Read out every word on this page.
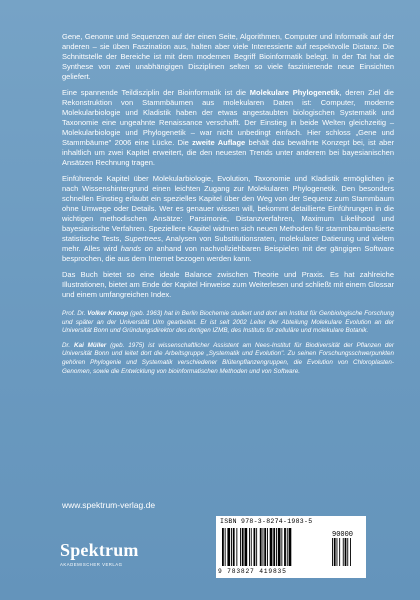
Gene, Genome und Sequenzen auf der einen Seite, Algorithmen, Computer und Informatik auf der anderen – sie üben Faszination aus, halten aber viele Interessierte auf respektvolle Distanz. Die Schnittstelle der Bereiche ist mit dem modernen Begriff Bioinformatik belegt. In der Tat hat die Synthese von zwei unabhängigen Disziplinen selten so viele faszinierende neue Einsichten geliefert.

Eine spannende Teildisziplin der Bioinformatik ist die Molekulare Phylogenetik, deren Ziel die Rekonstruktion von Stammbäumen aus molekularen Daten ist: Computer, moderne Molekularbiologie und Kladistik haben der etwas angestaubten biologischen Systematik und Taxonomie eine ungeahnte Renaissance verschafft. Der Einstieg in beide Welten gleichzeitig – Molekularbiologie und Phylogenetik – war nicht unbedingt einfach. Hier schloss „Gene und Stammbäume" 2006 eine Lücke. Die zweite Auflage behält das bewährte Konzept bei, ist aber inhaltlich um zwei Kapitel erweitert, die den neuesten Trends unter anderem bei bayesianischen Ansätzen Rechnung tragen.

Einführende Kapitel über Molekularbiologie, Evolution, Taxonomie und Kladistik ermöglichen je nach Wissenshintergrund einen leichten Zugang zur Molekularen Phylogenetik. Den besonders schnellen Einstieg erlaubt ein spezielles Kapitel über den Weg von der Sequenz zum Stammbaum ohne Umwege oder Details. Wer es genauer wissen will, bekommt detaillierte Einführungen in die wichtigen methodischen Ansätze: Parsimonie, Distanzverfahren, Maximum Likelihood und bayesianische Verfahren. Speziellere Kapitel widmen sich neuen Methoden für stammbaumbasierte statistische Tests, Supertrees, Analysen von Substitutionsraten, molekularer Datierung und vielem mehr. Alles wird hands on anhand von nachvollziehbaren Beispielen mit der gängigen Software besprochen, die aus dem Internet bezogen werden kann.

Das Buch bietet so eine ideale Balance zwischen Theorie und Praxis. Es hat zahlreiche Illustrationen, bietet am Ende der Kapitel Hinweise zum Weiterlesen und schließt mit einem Glossar und einem umfangreichen Index.

Prof. Dr. Volker Knoop (geb. 1963) hat in Berlin Biochemie studiert und dort am Institut für Genbiologische Forschung und später an der Universität Ulm gearbeitet. Er ist seit 2002 Leiter der Abteilung Molekulare Evolution an der Universität Bonn und Gründungsdirektor des dortigen IZMB, des Instituts für zelluläre und molekulare Botanik.

Dr. Kai Müller (geb. 1975) ist wissenschaftlicher Assistent am Nees-Institut für Biodiversität der Pflanzen der Universität Bonn und leitet dort die Arbeitsgruppe „Systematik und Evolution". Zu seinen Forschungsschwerpunkten gehören Phylogenie und Systematik verschiedener Blütenpflanzengruppen, die Evolution von Chloroplasten-Genomen, sowie die Entwicklung von bioinformatischen Methoden und von Software.

www.spektrum-verlag.de
Spektrum
AKADEMISCHER VERLAG
ISBN 978-3-8274-1983-5
90000
9 783827 419835
